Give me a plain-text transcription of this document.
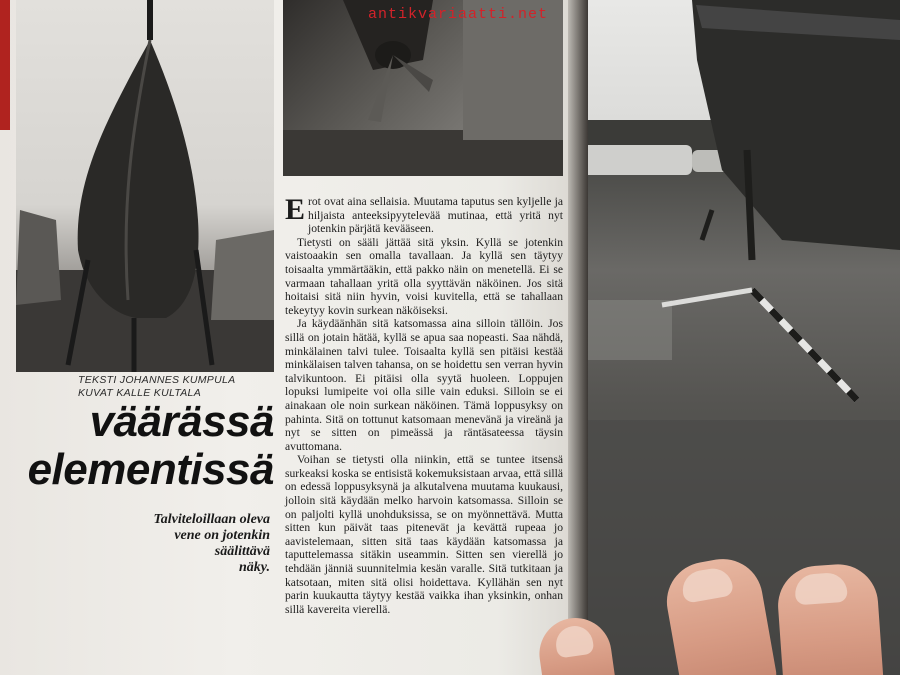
TEKSTI JOHANNES KUMPULA
KUVAT KALLE KULTALA
väärässä
elementissä
Talviteloillaan oleva
vene on jotenkin
säälittävä
näky.

Erot ovat aina sellaisia. Muutama taputus sen kyljelle ja hiljaista anteeksipyytelevää mutinaa, että yritä nyt jotenkin pärjätä kevääseen.

Tietysti on sääli jättää sitä yksin. Kyllä se jotenkin vaistoaakin sen omalla tavallaan. Ja kyllä sen täytyy toisaalta ymmärtääkin, että pakko näin on menetellä. Ei se varmaan tahallaan yritä olla syyttävän näköinen. Jos sitä hoitaisi sitä niin hyvin, voisi kuvitella, että se tahallaan tekeytyy kovin surkean näköiseksi.

Ja käydäänhän sitä katsomassa aina silloin tällöin. Jos sillä on jotain hätää, kyllä se apua saa nopeasti. Saa nähdä, minkälainen talvi tulee. Toisaalta kyllä sen pitäisi kestää minkälaisen talven tahansa, on se hoidettu sen verran hyvin talvikuntoon. Ei pitäisi olla syytä huoleen. Loppujen lopuksi lumipeite voi olla sille vain eduksi. Silloin se ei ainakaan ole noin surkean näköinen. Tämä loppusyksy on pahinta. Sitä on tottunut katsomaan menevänä ja vireänä ja nyt se sitten on pimeässä ja räntäsateessa täysin avuttomana.

Voihan se tietysti olla niinkin, että se tuntee itsensä surkeaksi koska se entisistä kokemuksistaan arvaa, että sillä on edessä loppusyksynä ja alkutalvena muutama kuukausi, jolloin sitä käydään melko harvoin katsomassa. Silloin se on paljolti kyllä unohduksissa, se on myönnettävä. Mutta sitten kun päivät taas pitenevät ja kevättä rupeaa jo aavistelemaan, sitten sitä taas käydään katsomassa ja taputtelemassa sitäkin useammin. Sitten sen vierellä jo tehdään jänniä suunnitelmia kesän varalle. Sitä tutkitaan ja katsotaan, miten sitä olisi hoidettava. Kyllähän sen nyt parin kuukautta täytyy kestää vaikka ihan yksinkin, onhan sillä kavereita vierellä.

antikvariaatti.net
